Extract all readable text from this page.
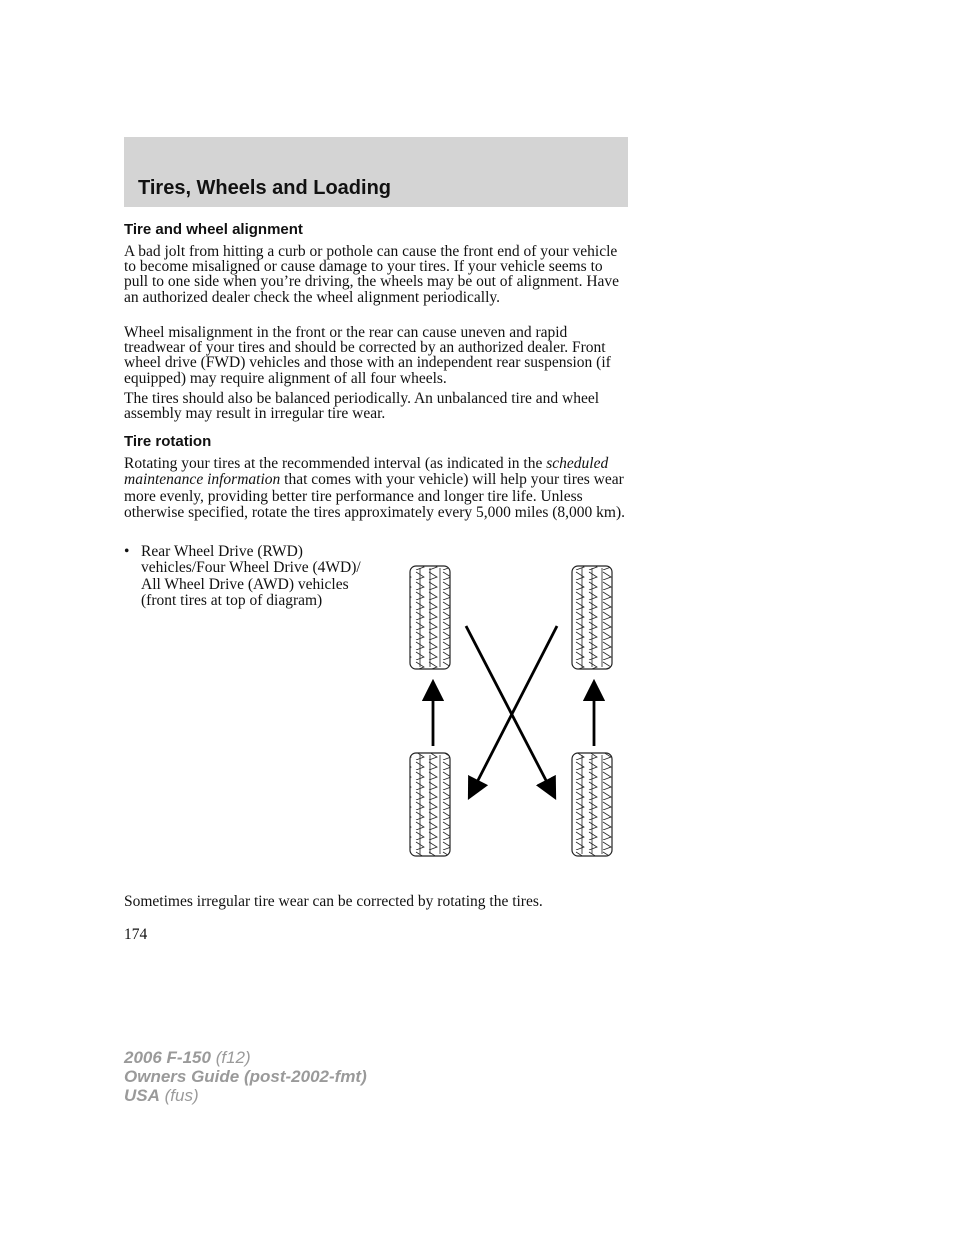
Tires, Wheels and Loading
Tire and wheel alignment

A bad jolt from hitting a curb or pothole can cause the front end of your vehicle to become misaligned or cause damage to your tires. If your vehicle seems to pull to one side when you’re driving, the wheels may be out of alignment. Have an authorized dealer check the wheel alignment periodically.

Wheel misalignment in the front or the rear can cause uneven and rapid treadwear of your tires and should be corrected by an authorized dealer. Front wheel drive (FWD) vehicles and those with an independent rear suspension (if equipped) may require alignment of all four wheels.

The tires should also be balanced periodically. An unbalanced tire and wheel assembly may result in irregular tire wear.

Tire rotation

Rotating your tires at the recommended interval (as indicated in the scheduled maintenance information that comes with your vehicle) will help your tires wear more evenly, providing better tire performance and longer tire life. Unless otherwise specified, rotate the tires approximately every 5,000 miles (8,000 km).

• Rear Wheel Drive (RWD) vehicles/Four Wheel Drive (4WD)/ All Wheel Drive (AWD) vehicles (front tires at top of diagram)

Sometimes irregular tire wear can be corrected by rotating the tires.

174
2006 F-150 (f12)
Owners Guide (post-2002-fmt)
USA (fus)
